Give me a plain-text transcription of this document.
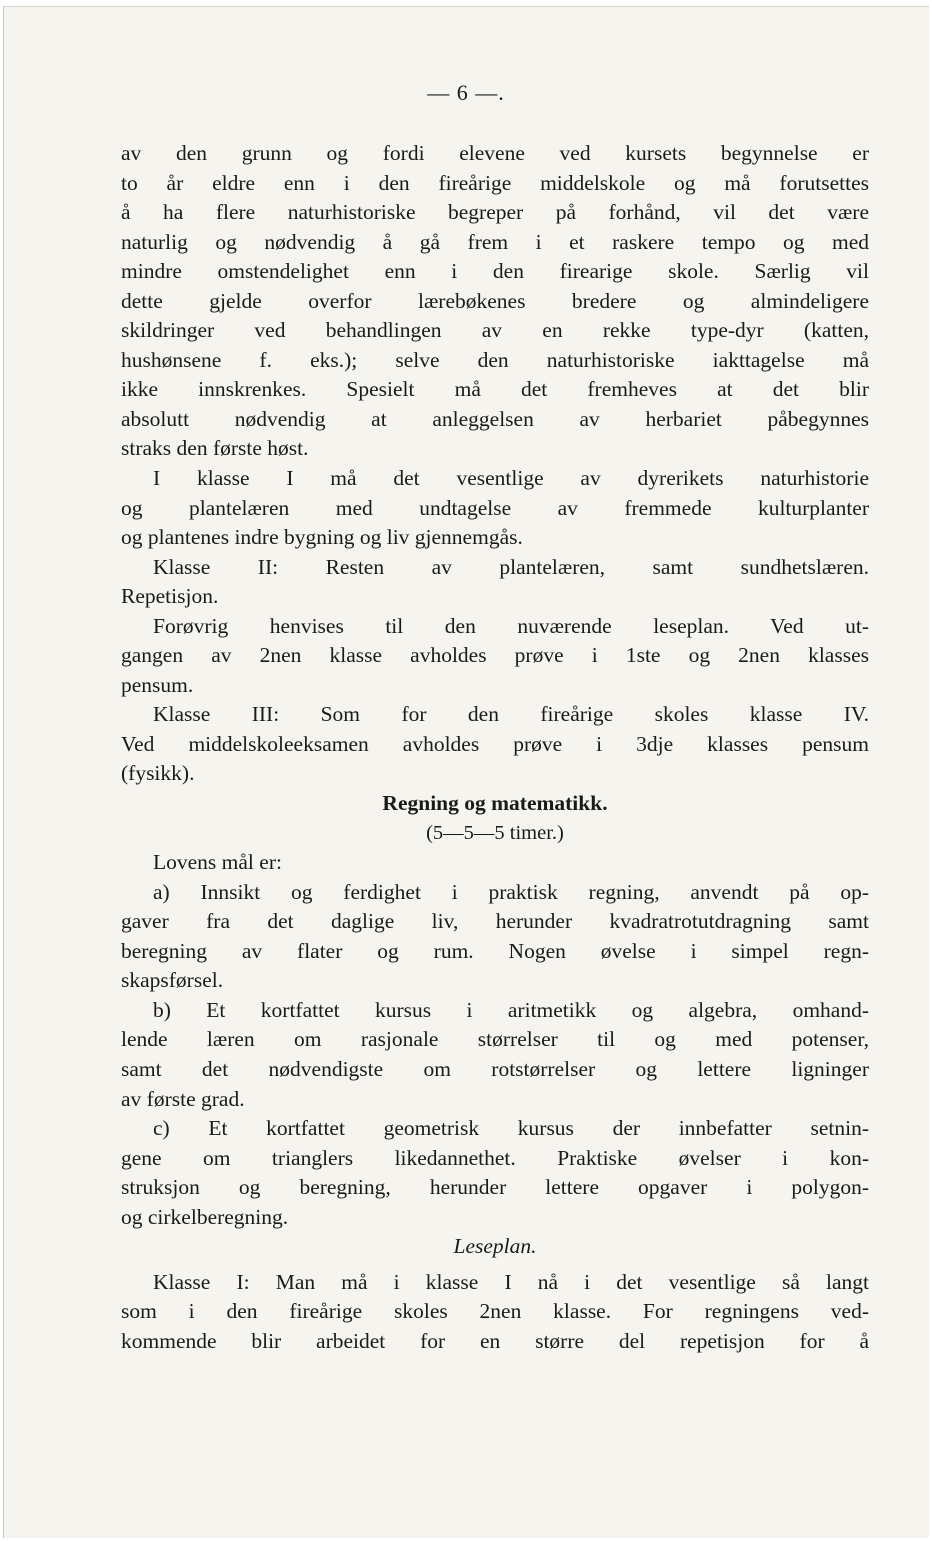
— 6 —.
av den grunn og fordi elevene ved kursets begynnelse er
to år eldre enn i den fireårige middelskole og må forutsettes
å ha flere naturhistoriske begreper på forhånd, vil det være
naturlig og nødvendig å gå frem i et raskere tempo og med
mindre omstendelighet enn i den firearige skole. Særlig vil
dette gjelde overfor lærebøkenes bredere og almindeligere
skildringer ved behandlingen av en rekke type-dyr (katten,
hushønsene f. eks.); selve den naturhistoriske iakttagelse må
ikke innskrenkes. Spesielt må det fremheves at det blir
absolutt nødvendig at anleggelsen av herbariet påbegynnes
straks den første høst.
I klasse I må det vesentlige av dyrerikets naturhistorie
og plantelæren med undtagelse av fremmede kulturplanter
og plantenes indre bygning og liv gjennemgås.
Klasse II: Resten av plantelæren, samt sundhetslæren.
Repetisjon.
Forøvrig henvises til den nuværende leseplan. Ved ut-
gangen av 2nen klasse avholdes prøve i 1ste og 2nen klasses
pensum.
Klasse III: Som for den fireårige skoles klasse IV.
Ved middelskoleeksamen avholdes prøve i 3dje klasses pensum
(fysikk).
Regning og matematikk.
(5—5—5 timer.)
Lovens mål er:
a) Innsikt og ferdighet i praktisk regning, anvendt på op-
gaver fra det daglige liv, herunder kvadratrotutdragning samt
beregning av flater og rum. Nogen øvelse i simpel regn-
skapsførsel.
b) Et kortfattet kursus i aritmetikk og algebra, omhand-
lende læren om rasjonale størrelser til og med potenser,
samt det nødvendigste om rotstørrelser og lettere ligninger
av første grad.
c) Et kortfattet geometrisk kursus der innbefatter setnin-
gene om trianglers likedannethet. Praktiske øvelser i kon-
struksjon og beregning, herunder lettere opgaver i polygon-
og cirkelberegning.
Leseplan.
Klasse I: Man må i klasse I nå i det vesentlige så langt
som i den fireårige skoles 2nen klasse. For regningens ved-
kommende blir arbeidet for en større del repetisjon for å
